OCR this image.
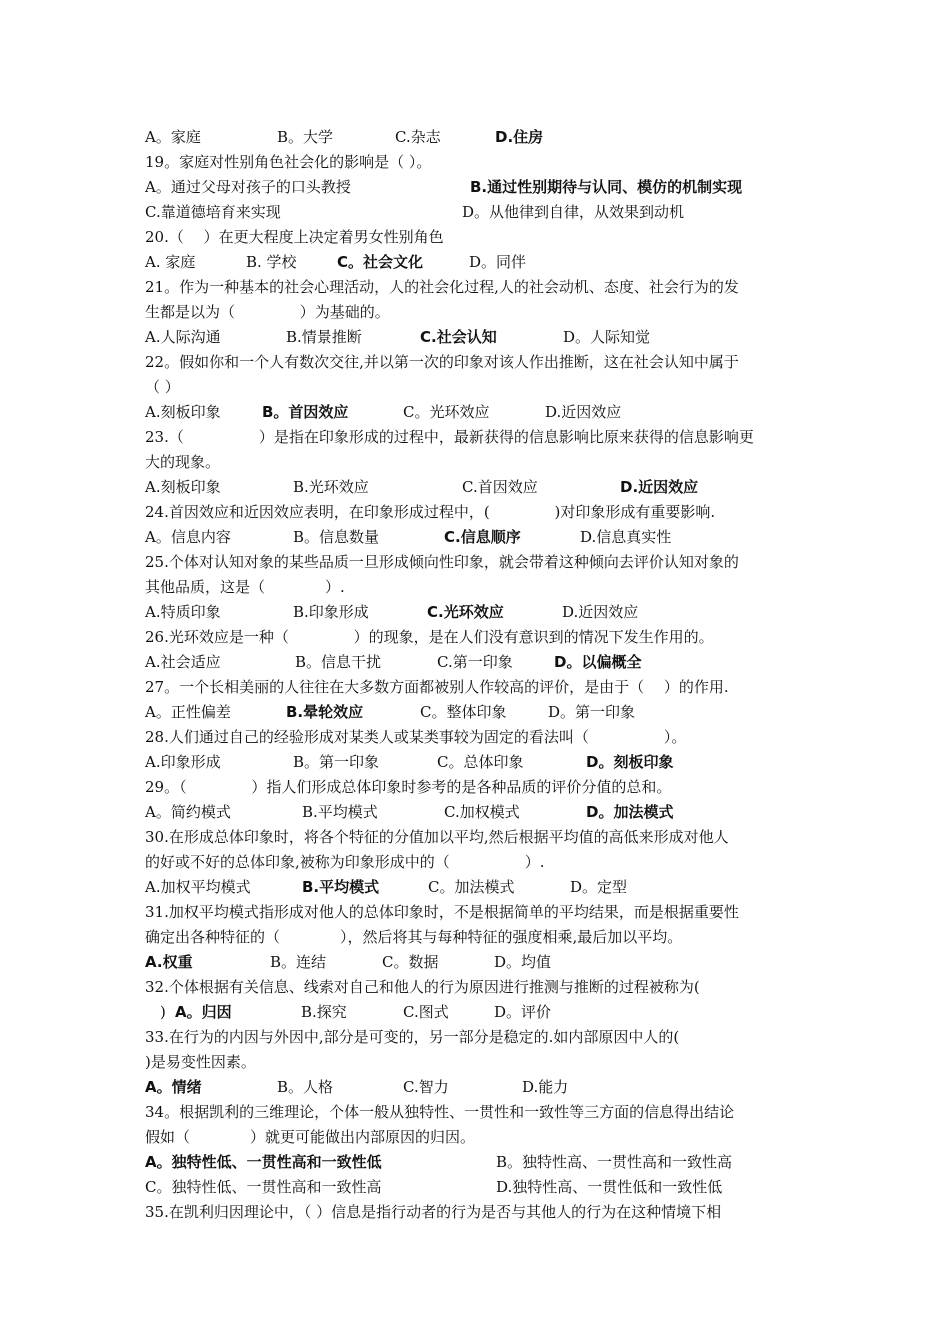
A。家庭	B。大学	C.杂志	D.住房
19。家庭对性别角色社会化的影响是（ ）。
A。通过父母对孩子的口头教授	B.通过性别期待与认同、模仿的机制实现
C.靠道德培育来实现	D。从他律到自律，从效果到动机
20.（　 ）在更大程度上决定着男女性别角色
A. 家庭	B. 学校	C。社会文化	D。同伴
21。作为一种基本的社会心理活动，人的社会化过程,人的社会动机、态度、社会行为的发
生都是以为（　　　　 ）为基础的。
A.人际沟通	B.情景推断	C.社会认知	D。人际知觉
22。假如你和一个人有数次交往,并以第一次的印象对该人作出推断，这在社会认知中属于
（ ）
A.刻板印象	B。首因效应	C。光环效应	D.近因效应
23.（　　　　　）是指在印象形成的过程中，最新获得的信息影响比原来获得的信息影响更
大的现象。
A.刻板印象	B.光环效应	C.首因效应	D.近因效应
24.首因效应和近因效应表明，在印象形成过程中，(　　　　 )对印象形成有重要影响.
A。信息内容	B。信息数量	C.信息顺序	D.信息真实性
25.个体对认知对象的某些品质一旦形成倾向性印象，就会带着这种倾向去评价认知对象的
其他品质，这是（　　　　）.
A.特质印象	B.印象形成	C.光环效应	D.近因效应
26.光环效应是一种（　　　　 ）的现象，是在人们没有意识到的情况下发生作用的。
A.社会适应	B。信息干扰	C.第一印象	D。以偏概全
27。一个长相美丽的人往往在大多数方面都被别人作较高的评价，是由于（　 ）的作用.
A。正性偏差	B.晕轮效应	C。整体印象	D。第一印象
28.人们通过自己的经验形成对某类人或某类事较为固定的看法叫（　　　　　）。
A.印象形成	B。第一印象	C。总体印象	D。刻板印象
29。（　　　　 ）指人们形成总体印象时参考的是各种品质的评价分值的总和。
A。简约模式	B.平均模式	C.加权模式	D。加法模式
30.在形成总体印象时，将各个特征的分值加以平均,然后根据平均值的高低来形成对他人
的好或不好的总体印象,被称为印象形成中的（　　　　　）.
A.加权平均模式	B.平均模式	C。加法模式	D。定型
31.加权平均模式指形成对他人的总体印象时，不是根据简单的平均结果，而是根据重要性
确定出各种特征的（　　　　），然后将其与每种特征的强度相乘,最后加以平均。
A.权重	B。连结	C。数据	D。均值
32.个体根据有关信息、线索对自己和他人的行为原因进行推测与推断的过程被称为(
　) A。归因	B.探究	C.图式	D。评价
33.在行为的内因与外因中,部分是可变的，另一部分是稳定的.如内部原因中人的(
)是易变性因素。
A。情绪	B。人格	C.智力	D.能力
34。根据凯利的三维理论，个体一般从独特性、一贯性和一致性等三方面的信息得出结论
假如（　　　　）就更可能做出内部原因的归因。
A。独特性低、一贯性高和一致性低	B。独特性高、一贯性高和一致性高
C。独特性低、一贯性高和一致性高	D.独特性高、一贯性低和一致性低
35.在凯利归因理论中，（ ）信息是指行动者的行为是否与其他人的行为在这种情境下相
